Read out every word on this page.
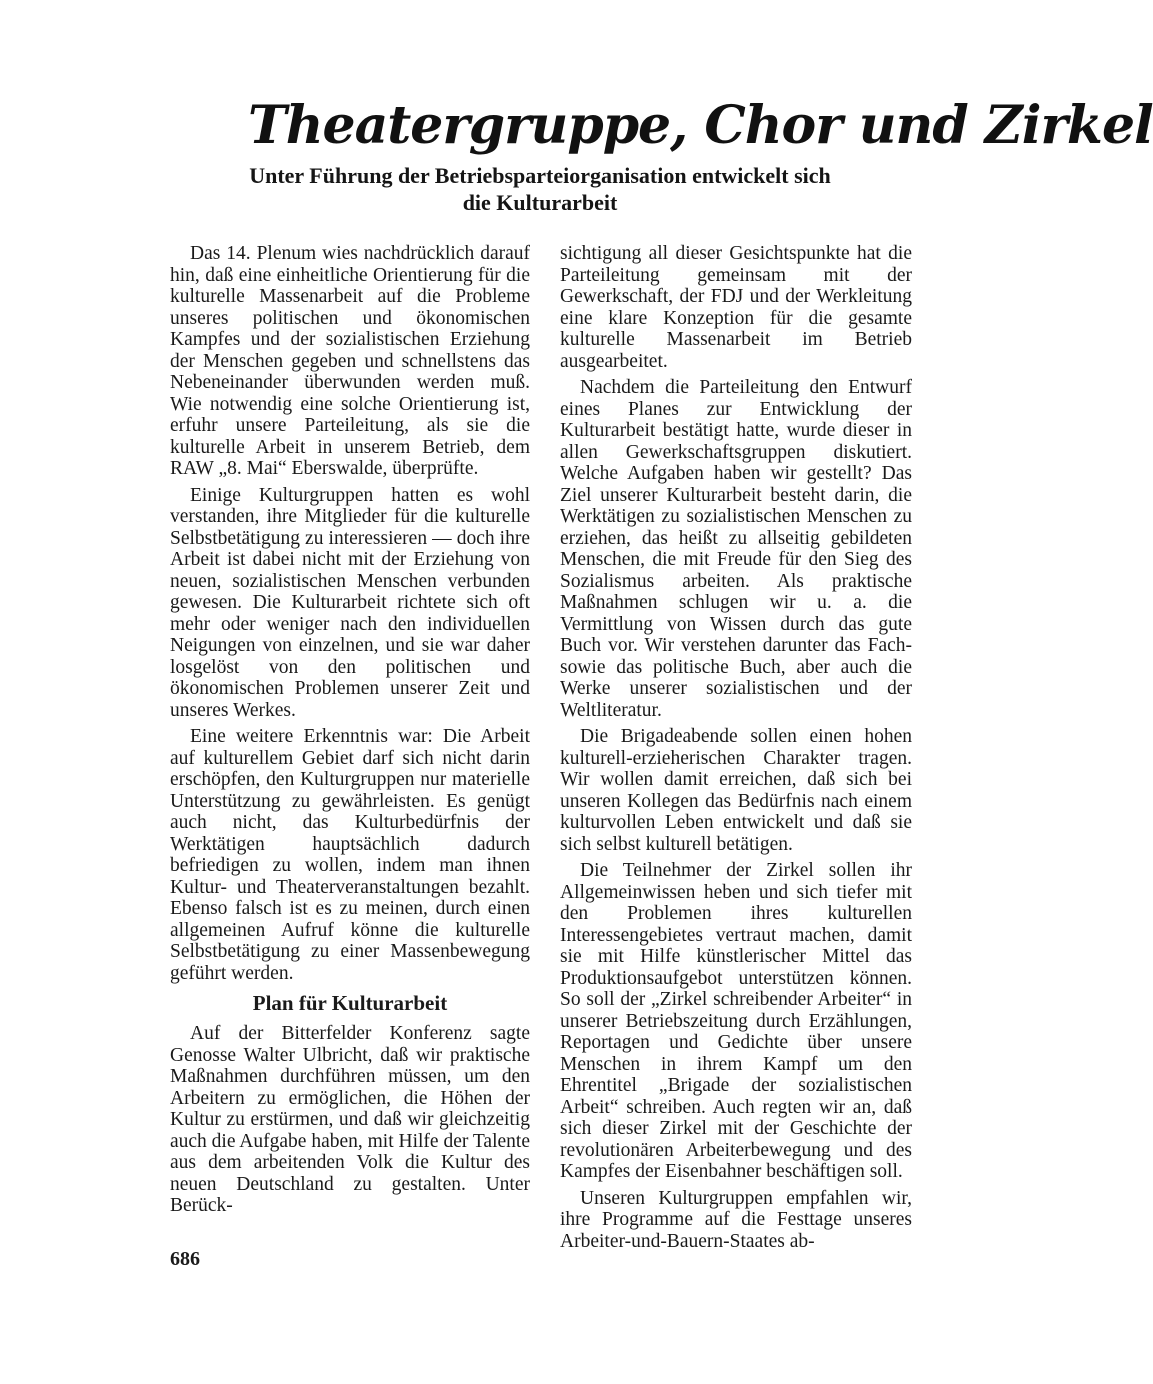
Theatergruppe, Chor und Zirkel
Unter Führung der Betriebsparteiorganisation entwickelt sich die Kulturarbeit

Das 14. Plenum wies nachdrücklich darauf hin, daß eine einheitliche Orientierung für die kulturelle Massenarbeit auf die Probleme unseres politischen und ökonomischen Kampfes und der sozialistischen Erziehung der Menschen gegeben und schnellstens das Nebeneinander überwunden werden muß. Wie notwendig eine solche Orientierung ist, erfuhr unsere Parteileitung, als sie die kulturelle Arbeit in unserem Betrieb, dem RAW „8. Mai“ Eberswalde, überprüfte.

Einige Kulturgruppen hatten es wohl verstanden, ihre Mitglieder für die kulturelle Selbstbetätigung zu interessieren — doch ihre Arbeit ist dabei nicht mit der Erziehung von neuen, sozialistischen Menschen verbunden gewesen. Die Kulturarbeit richtete sich oft mehr oder weniger nach den individuellen Neigungen von einzelnen, und sie war daher losgelöst von den politischen und ökonomischen Problemen unserer Zeit und unseres Werkes.

Eine weitere Erkenntnis war: Die Arbeit auf kulturellem Gebiet darf sich nicht darin erschöpfen, den Kulturgruppen nur materielle Unterstützung zu gewährleisten. Es genügt auch nicht, das Kulturbedürfnis der Werktätigen hauptsächlich dadurch befriedigen zu wollen, indem man ihnen Kultur- und Theaterveranstaltungen bezahlt. Ebenso falsch ist es zu meinen, durch einen allgemeinen Aufruf könne die kulturelle Selbstbetätigung zu einer Massenbewegung geführt werden.

Plan für Kulturarbeit

Auf der Bitterfelder Konferenz sagte Genosse Walter Ulbricht, daß wir praktische Maßnahmen durchführen müssen, um den Arbeitern zu ermöglichen, die Höhen der Kultur zu erstürmen, und daß wir gleichzeitig auch die Aufgabe haben, mit Hilfe der Talente aus dem arbeitenden Volk die Kultur des neuen Deutschland zu gestalten. Unter Berück-

sichtigung all dieser Gesichtspunkte hat die Parteileitung gemeinsam mit der Gewerkschaft, der FDJ und der Werkleitung eine klare Konzeption für die gesamte kulturelle Massenarbeit im Betrieb ausgearbeitet.

Nachdem die Parteileitung den Entwurf eines Planes zur Entwicklung der Kulturarbeit bestätigt hatte, wurde dieser in allen Gewerkschaftsgruppen diskutiert. Welche Aufgaben haben wir gestellt? Das Ziel unserer Kulturarbeit besteht darin, die Werktätigen zu sozialistischen Menschen zu erziehen, das heißt zu allseitig gebildeten Menschen, die mit Freude für den Sieg des Sozialismus arbeiten. Als praktische Maßnahmen schlugen wir u. a. die Vermittlung von Wissen durch das gute Buch vor. Wir verstehen darunter das Fach- sowie das politische Buch, aber auch die Werke unserer sozialistischen und der Weltliteratur.

Die Brigadeabende sollen einen hohen kulturell-erzieherischen Charakter tragen. Wir wollen damit erreichen, daß sich bei unseren Kollegen das Bedürfnis nach einem kulturvollen Leben entwickelt und daß sie sich selbst kulturell betätigen.

Die Teilnehmer der Zirkel sollen ihr Allgemeinwissen heben und sich tiefer mit den Problemen ihres kulturellen Interessengebietes vertraut machen, damit sie mit Hilfe künstlerischer Mittel das Produktionsaufgebot unterstützen können. So soll der „Zirkel schreibender Arbeiter“ in unserer Betriebszeitung durch Erzählungen, Reportagen und Gedichte über unsere Menschen in ihrem Kampf um den Ehrentitel „Brigade der sozialistischen Arbeit“ schreiben. Auch regten wir an, daß sich dieser Zirkel mit der Geschichte der revolutionären Arbeiterbewegung und des Kampfes der Eisenbahner beschäftigen soll.

Unseren Kulturgruppen empfahlen wir, ihre Programme auf die Festtage unseres Arbeiter-und-Bauern-Staates ab-

686
